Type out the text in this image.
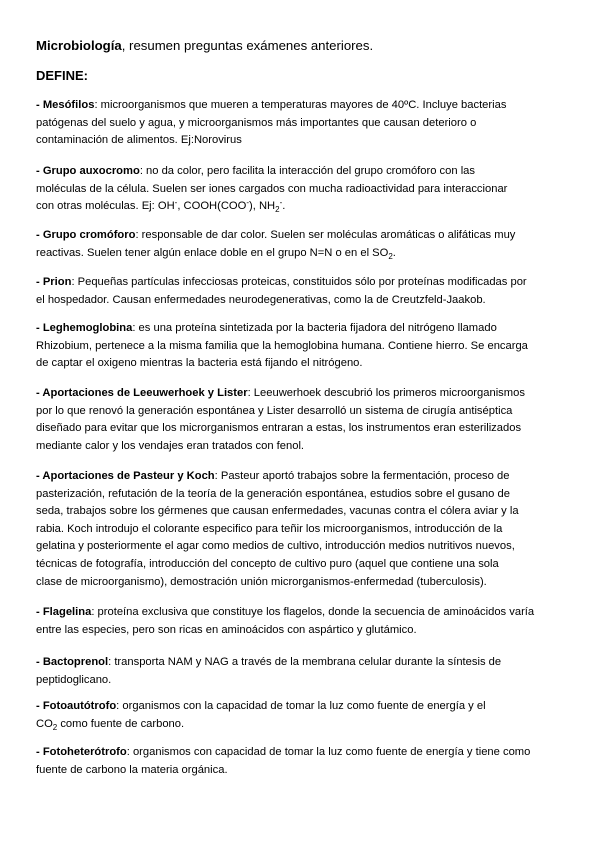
Microbiología, resumen preguntas exámenes anteriores.
DEFINE:
- Mesófilos: microorganismos que mueren a temperaturas mayores de 40ºC. Incluye bacterias
patógenas del suelo y agua, y microorganismos más importantes que causan deterioro o
contaminación de alimentos. Ej:Norovirus
- Grupo auxocromo: no da color, pero facilita la interacción del grupo cromóforo con las
moléculas de la célula. Suelen ser iones cargados con mucha radioactividad para interaccionar
con otras moléculas. Ej: OH-, COOH(COO-), $NH_2^-$.
- Grupo cromóforo: responsable de dar color. Suelen ser moléculas aromáticas o alifáticas muy
reactivas. Suelen tener algún enlace doble en el grupo N=N o en el $SO_2$.
- Prion: Pequeñas partículas infecciosas proteicas, constituidos sólo por proteínas modificadas por
el hospedador. Causan enfermedades neurodegenerativas, como la de Creutzfeld-Jaakob.
- Leghemoglobina: es una proteína sintetizada por la bacteria fijadora del nitrógeno llamado
Rhizobium, pertenece a la misma familia que la hemoglobina humana. Contiene hierro. Se encarga
de captar el oxigeno mientras la bacteria está fijando el nitrógeno.
- Aportaciones de Leeuwerhoek y Lister: Leeuwerhoek descubrió los primeros microorganismos
por lo que renovó la generación espontánea y Lister desarrolló un sistema de cirugía antiséptica
diseñado para evitar que los microrganismos entraran a estas, los instrumentos eran esterilizados
mediante calor y los vendajes eran tratados con fenol.
- Aportaciones de Pasteur y Koch: Pasteur aportó trabajos sobre la fermentación, proceso de
pasterización, refutación de la teoría de la generación espontánea, estudios sobre el gusano de
seda, trabajos sobre los gérmenes que causan enfermedades, vacunas contra el cólera aviar y la
rabia. Koch introdujo el colorante especifico para teñir los microorganismos, introducción de la
gelatina y posteriormente el agar como medios de cultivo, introducción medios nutritivos nuevos,
técnicas de fotografía, introducción del concepto de cultivo puro (aquel que contiene una sola
clase de microorganismo), demostración unión microrganismos-enfermedad (tuberculosis).
- Flagelina: proteína exclusiva que constituye los flagelos, donde la secuencia de aminoácidos varía
entre las especies, pero son ricas en aminoácidos con aspártico y glutámico.
- Bactoprenol: transporta NAM y NAG a través de la membrana celular durante la síntesis de
peptidoglicano.
- Fotoautótrofo: organismos con la capacidad de tomar la luz como fuente de energía y el
$CO_2$ como fuente de carbono.
- Fotoheterótrofo: organismos con capacidad de tomar la luz como fuente de energía y tiene como
fuente de carbono la materia orgánica.
